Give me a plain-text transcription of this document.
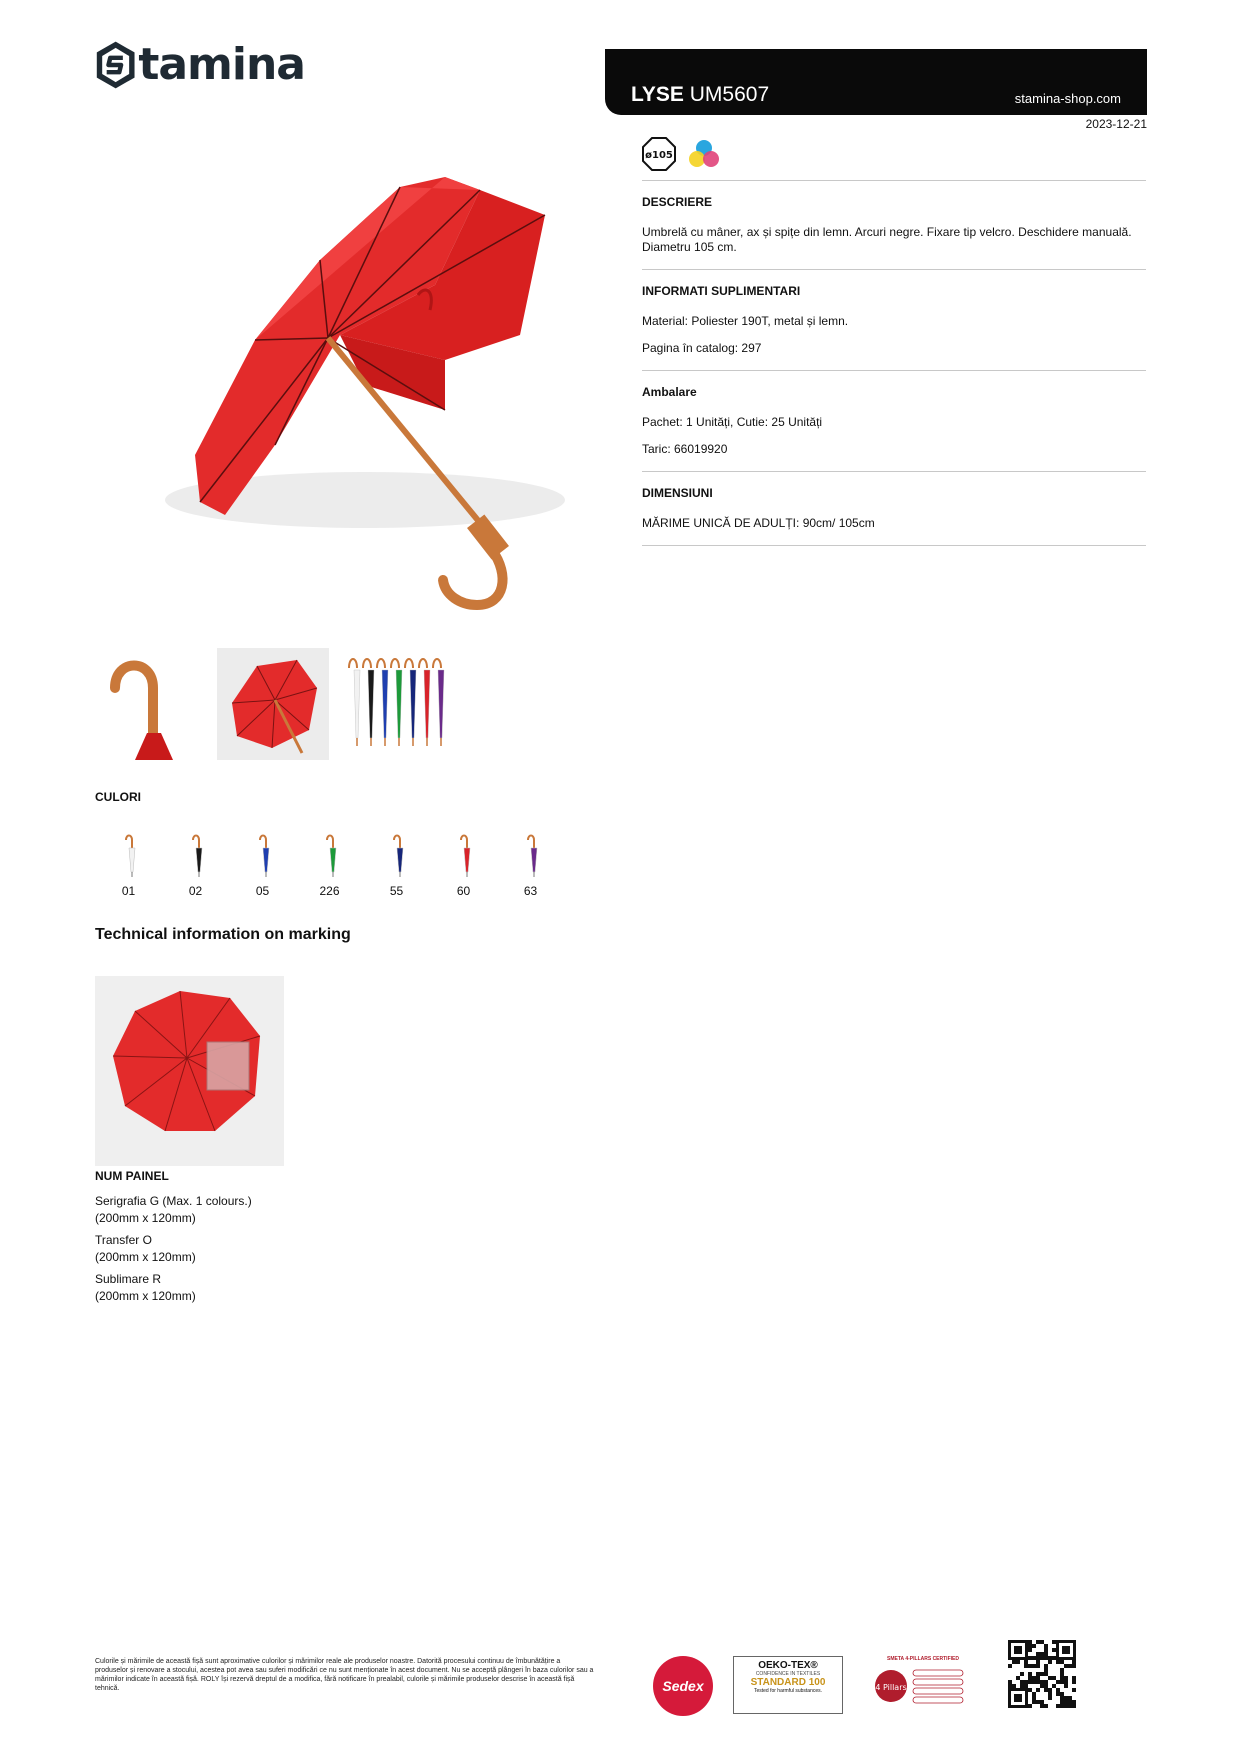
tamina
LYSE UM5607	stamina-shop.com
2023-12-21
ø105
DESCRIERE

Umbrelă cu mâner, ax și spițe din lemn. Arcuri negre. Fixare tip velcro. Deschidere manuală. Diametru 105 cm.

INFORMATI SUPLIMENTARI

Material: Poliester 190T, metal și lemn.

Pagina în catalog: 297

Ambalare

Pachet: 1 Unități, Cutie: 25 Unități

Taric: 66019920

DIMENSIUNI

MĂRIME UNICĂ DE ADULȚI: 90cm/ 105cm

CULORI
01	02	05	226	55	60	63
Technical information on marking
NUM PAINEL
Serigrafia G (Max. 1 colours.)
(200mm x 120mm)
Transfer O
(200mm x 120mm)
Sublimare R
(200mm x 120mm)
Culorile și mărimile de această fișă sunt aproximative culorilor și mărimilor reale ale produselor noastre. Datorită procesului continuu de îmbunătățire a produselor și renovare a stocului, acestea pot avea sau suferi modificări ce nu sunt menționate în acest document. Nu se acceptă plângeri în baza culorilor sau a mărimilor indicate în această fișă. ROLY își rezervă dreptul de a modifica, fără notificare în prealabil, culorile și mărimile produselor descrise în această fișă tehnică.	Sedex
OEKO-TEX®
CONFIDENCE IN TEXTILES
STANDARD 100
Tested for harmful substances.
SMETA 4-PILLARS CERTIFIED
4 Pillars
